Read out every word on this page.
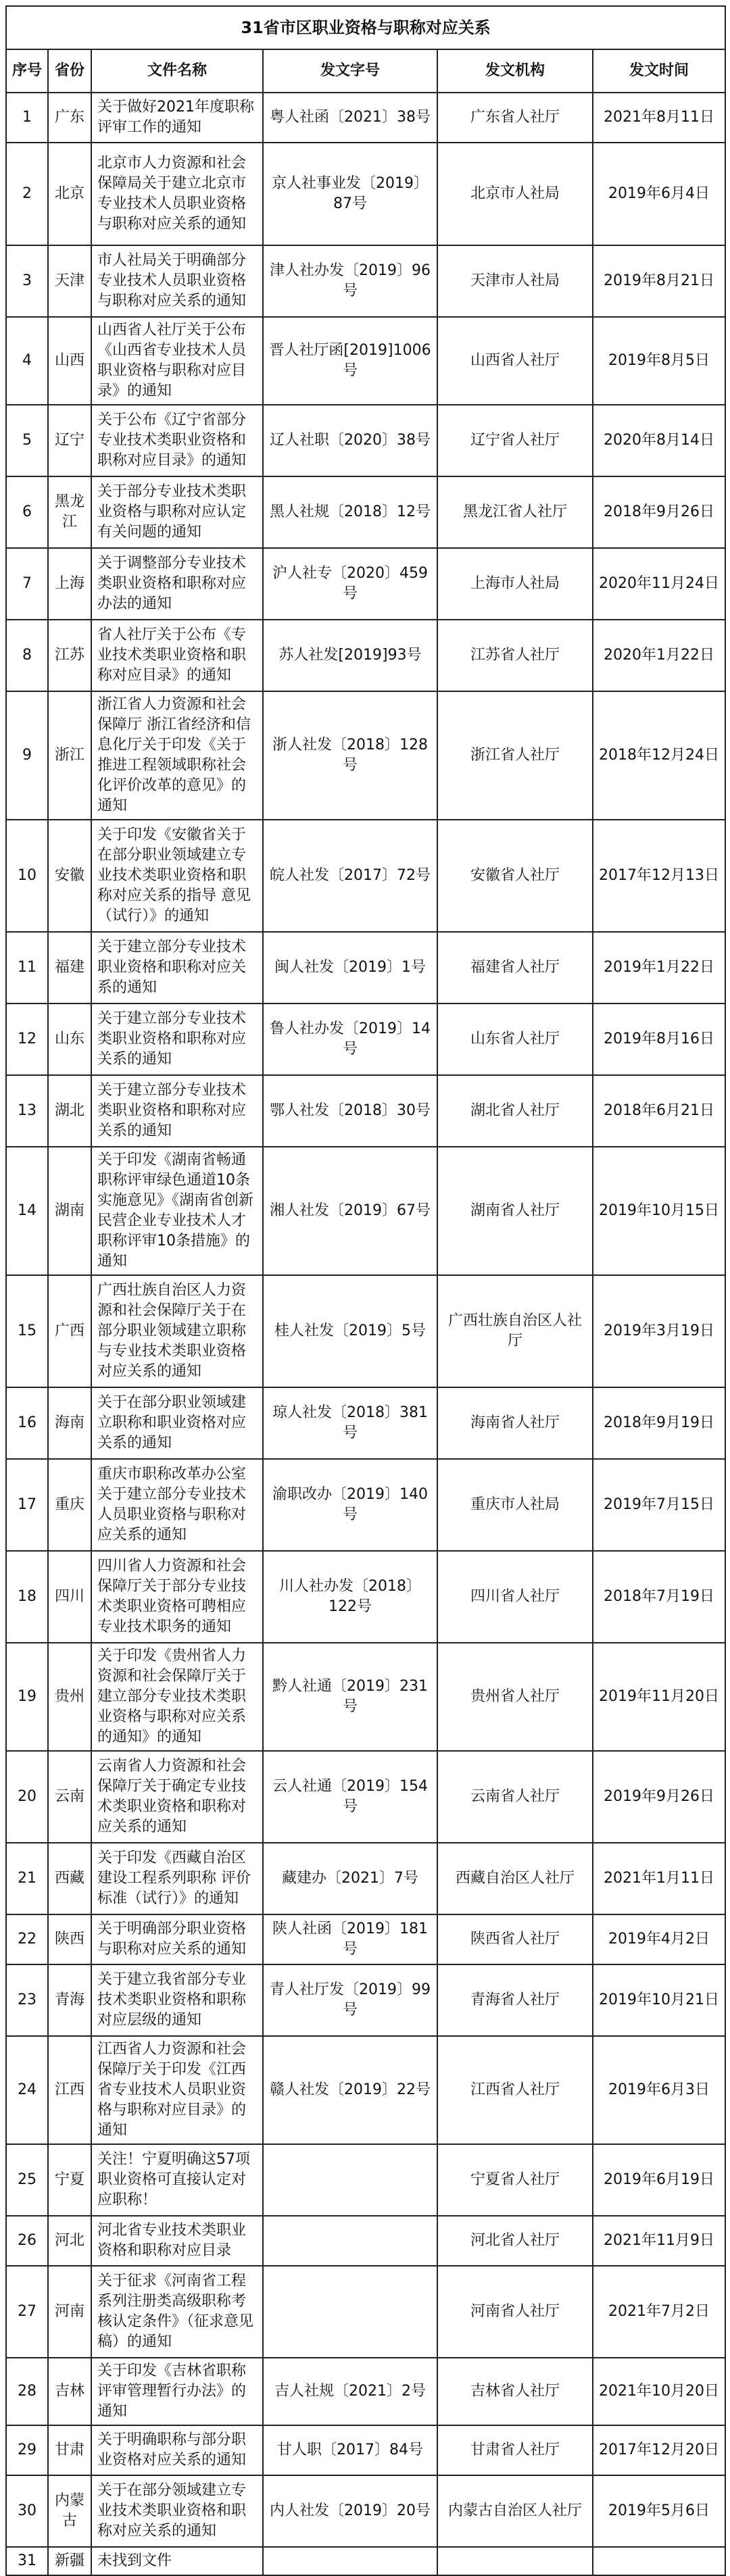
31省市区职业资格与职称对应关系					
序号	省份	文件名称	发文字号	发文机构	发文时间
1	广东	关于做好2021年度职称评审工作的通知	粤人社函〔2021〕38号	广东省人社厅	2021年8月11日
2	北京	北京市人力资源和社会保障局关于建立北京市专业技术人员职业资格与职称对应关系的通知	京人社事业发〔2019〕87号	北京市人社局	2019年6月4日
3	天津	市人社局关于明确部分专业技术人员职业资格与职称对应关系的通知	津人社办发〔2019〕96号	天津市人社局	2019年8月21日
4	山西	山西省人社厅关于公布《山西省专业技术人员职业资格与职称对应目录》的通知	晋人社厅函[2019]1006号	山西省人社厅	2019年8月5日
5	辽宁	关于公布《辽宁省部分专业技术类职业资格和职称对应目录》的通知	辽人社职〔2020〕38号	辽宁省人社厅	2020年8月14日
6	黑龙江	关于部分专业技术类职业资格与职称对应认定有关问题的通知	黑人社规〔2018〕12号	黑龙江省人社厅	2018年9月26日
7	上海	关于调整部分专业技术类职业资格和职称对应办法的通知	沪人社专〔2020〕459号	上海市人社局	2020年11月24日
8	江苏	省人社厅关于公布《专业技术类职业资格和职称对应目录》的通知	苏人社发[2019]93号	江苏省人社厅	2020年1月22日
9	浙江	浙江省人力资源和社会保障厅 浙江省经济和信息化厅关于印发《关于推进工程领域职称社会化评价改革的意见》的通知	浙人社发〔2018〕128号	浙江省人社厅	2018年12月24日
10	安徽	关于印发《安徽省关于在部分职业领域建立专业技术类职业资格和职称对应关系的指导 意见（试行）》的通知	皖人社发〔2017〕72号	安徽省人社厅	2017年12月13日
11	福建	关于建立部分专业技术职业资格和职称对应关系的通知	闽人社发〔2019〕1号	福建省人社厅	2019年1月22日
12	山东	关于建立部分专业技术类职业资格和职称对应关系的通知	鲁人社办发〔2019〕14号	山东省人社厅	2019年8月16日
13	湖北	关于建立部分专业技术类职业资格和职称对应关系的通知	鄂人社发〔2018〕30号	湖北省人社厅	2018年6月21日
14	湖南	关于印发《湖南省畅通职称评审绿色通道10条实施意见》《湖南省创新民营企业专业技术人才职称评审10条措施》的通知	湘人社发〔2019〕67号	湖南省人社厅	2019年10月15日
15	广西	广西壮族自治区人力资源和社会保障厅关于在部分职业领域建立职称与专业技术类职业资格对应关系的通知	桂人社发〔2019〕5号	广西壮族自治区人社厅	2019年3月19日
16	海南	关于在部分职业领域建立职称和职业资格对应关系的通知	琼人社发〔2018〕381号	海南省人社厅	2018年9月19日
17	重庆	重庆市职称改革办公室关于建立部分专业技术人员职业资格与职称对应关系的通知	渝职改办〔2019〕140号	重庆市人社局	2019年7月15日
18	四川	四川省人力资源和社会保障厅关于部分专业技术类职业资格可聘相应专业技术职务的通知	川人社办发〔2018〕122号	四川省人社厅	2018年7月19日
19	贵州	关于印发《贵州省人力资源和社会保障厅关于建立部分专业技术类职业资格与职称对应关系的通知》的通知	黔人社通〔2019〕231号	贵州省人社厅	2019年11月20日
20	云南	云南省人力资源和社会保障厅关于确定专业技术类职业资格和职称对应关系的通知	云人社通〔2019〕154号	云南省人社厅	2019年9月26日
21	西藏	关于印发《西藏自治区建设工程系列职称 评价标准（试行）》的通知	藏建办〔2021〕7号	西藏自治区人社厅	2021年1月11日
22	陕西	关于明确部分职业资格与职称对应关系的通知	陕人社函〔2019〕181号	陕西省人社厅	2019年4月2日
23	青海	关于建立我省部分专业技术类职业资格和职称对应层级的通知	青人社厅发〔2019〕99号	青海省人社厅	2019年10月21日
24	江西	江西省人力资源和社会保障厅关于印发《江西省专业技术人员职业资格与职称对应目录》的通知	赣人社发〔2019〕22号	江西省人社厅	2019年6月3日
25	宁夏	关注！宁夏明确这57项职业资格可直接认定对应职称！		宁夏省人社厅	2019年6月19日
26	河北	河北省专业技术类职业资格和职称对应目录		河北省人社厅	2021年11月9日
27	河南	关于征求《河南省工程系列注册类高级职称考核认定条件》（征求意见稿）的通知		河南省人社厅	2021年7月2日
28	吉林	关于印发《吉林省职称评审管理暂行办法》的通知	吉人社规〔2021〕2号	吉林省人社厅	2021年10月20日
29	甘肃	关于明确职称与部分职业资格对应关系的通知	甘人职〔2017〕84号	甘肃省人社厅	2017年12月20日
30	内蒙古	关于在部分领域建立专业技术类职业资格和职称对应关系的通知	内人社发〔2019〕20号	内蒙古自治区人社厅	2019年5月6日
31	新疆	未找到文件			
